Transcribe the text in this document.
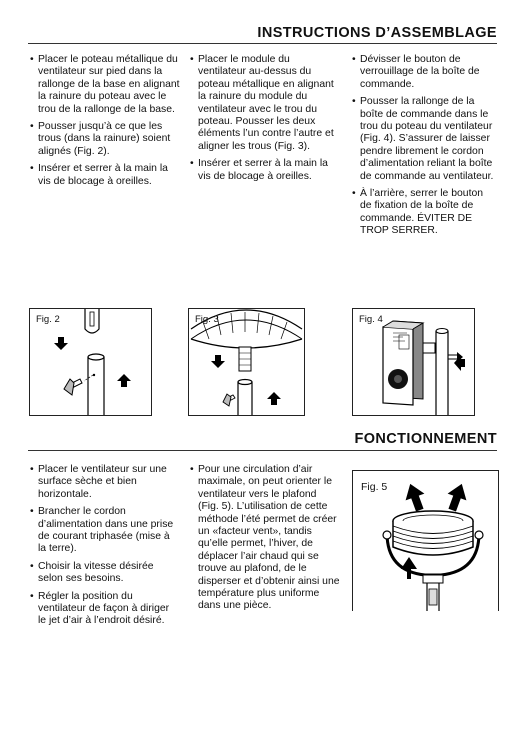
INSTRUCTIONS D’ASSEMBLAGE

• Placer le poteau métallique du ventilateur sur pied dans la rallonge de la base en alignant la rainure du poteau avec le trou de la rallonge de la base.

• Pousser jusqu’à ce que les trous (dans la rainure) soient alignés (Fig. 2).

• Insérer et serrer à la main la vis de blocage à oreilles.

• Placer le module du ventilateur au-dessus du poteau métallique en alignant la rainure du module du ventilateur avec le trou du poteau. Pousser les deux éléments l’un contre l’autre et aligner les trous (Fig. 3).

• Insérer et serrer à la main la vis de blocage à oreilles.

• Dévisser le bouton de verrouillage de la boîte de commande.

• Pousser la rallonge de la boîte de commande dans le trou du poteau du ventilateur (Fig. 4). S’assurer de laisser pendre librement le cordon d’alimentation reliant la boîte de commande au ventilateur.

• À l’arrière, serrer le bouton de fixation de la boîte de commande. ÉVITER DE TROP SERRER.

Fig. 2	Fig. 3	Fig. 4
FONCTIONNEMENT

• Placer le ventilateur sur une surface sèche et bien horizontale.

• Brancher le cordon d’alimentation dans une prise de courant triphasée (mise à la terre).

• Choisir la vitesse désirée selon ses besoins.

• Régler la position du ventilateur de façon à diriger le jet d’air à l’endroit désiré.

• Pour une circulation d’air maximale, on peut orienter le ventilateur vers le plafond (Fig. 5). L’utilisation de cette méthode l’été permet de créer un «facteur vent», tandis qu’elle permet, l’hiver, de déplacer l’air chaud qui se trouve au plafond, de le disperser et d’obtenir ainsi une température plus uniforme dans une pièce.

Fig. 5
